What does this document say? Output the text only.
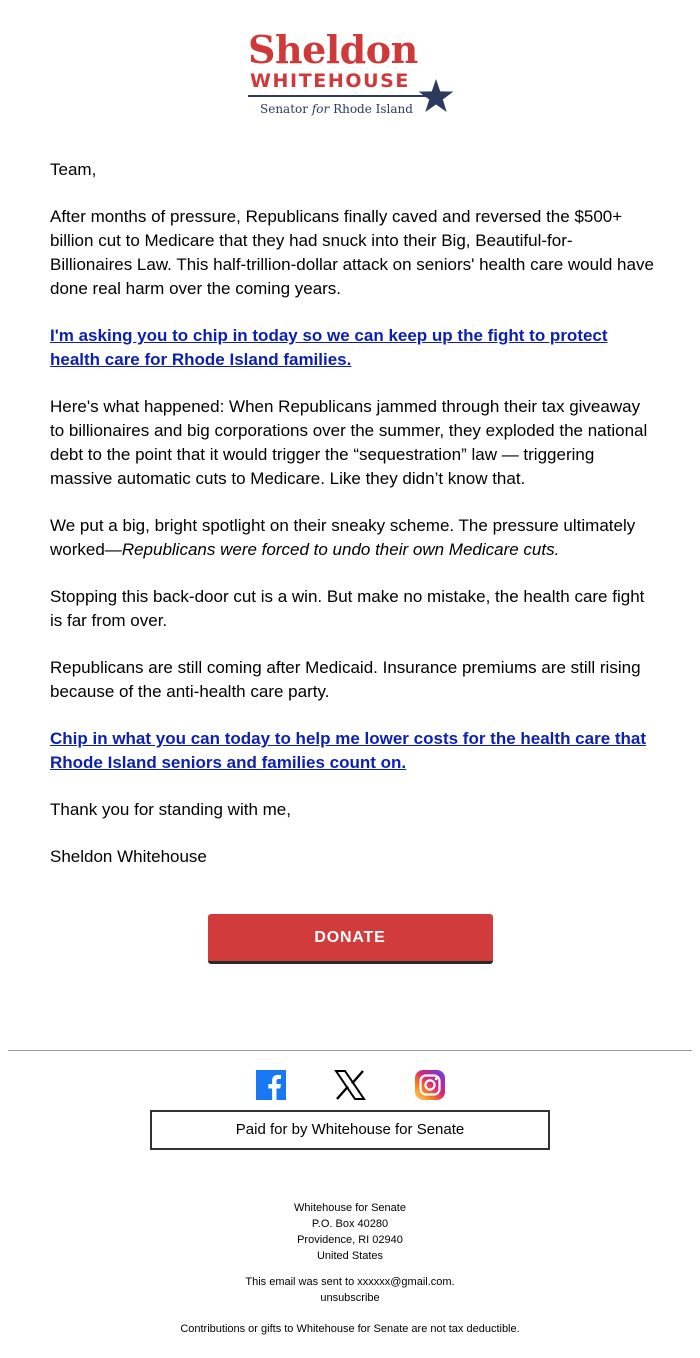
Sheldon
WHITEHOUSE
Senator for Rhode Island

Team,

After months of pressure, Republicans finally caved and reversed the $500+ billion cut to Medicare that they had snuck into their Big, Beautiful-for-Billionaires Law. This half-trillion-dollar attack on seniors' health care would have done real harm over the coming years.

I'm asking you to chip in today so we can keep up the fight to protect health care for Rhode Island families.

Here's what happened: When Republicans jammed through their tax giveaway to billionaires and big corporations over the summer, they exploded the national debt to the point that it would trigger the “sequestration” law — triggering massive automatic cuts to Medicare. Like they didn’t know that.

We put a big, bright spotlight on their sneaky scheme. The pressure ultimately worked—Republicans were forced to undo their own Medicare cuts.

Stopping this back-door cut is a win. But make no mistake, the health care fight is far from over.

Republicans are still coming after Medicaid. Insurance premiums are still rising because of the anti-health care party.

Chip in what you can today to help me lower costs for the health care that Rhode Island seniors and families count on.

Thank you for standing with me,

Sheldon Whitehouse

DONATE
Paid for by Whitehouse for Senate
Whitehouse for Senate
P.O. Box 40280
Providence, RI 02940
United States
This email was sent to xxxxxx@gmail.com.
unsubscribe
Contributions or gifts to Whitehouse for Senate are not tax deductible.
